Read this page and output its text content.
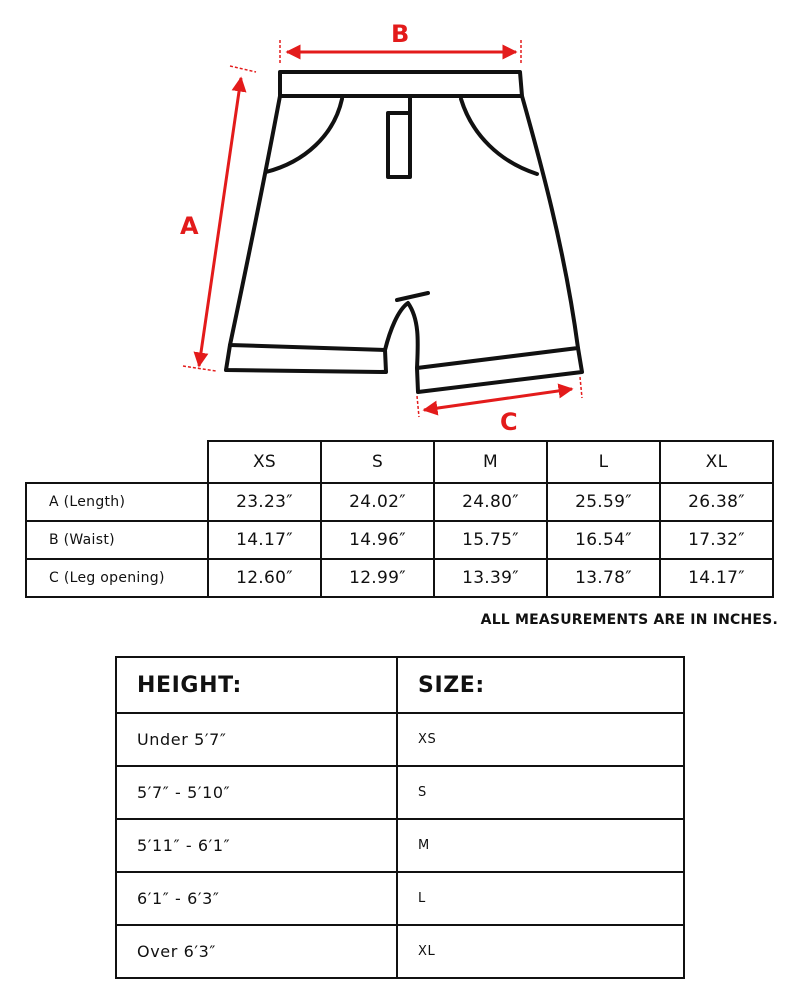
B
A
C
	XS	S	M	L	XL
A (Length)	23.23″	24.02″	24.80″	25.59″	26.38″
B (Waist)	14.17″	14.96″	15.75″	16.54″	17.32″
C (Leg opening)	12.60″	12.99″	13.39″	13.78″	14.17″
ALL MEASUREMENTS ARE IN INCHES.
HEIGHT:	SIZE:
Under 5′7″	XS
5′7″ - 5′10″	S
5′11″ - 6′1″	M
6′1″ - 6′3″	L
Over 6′3″	XL
